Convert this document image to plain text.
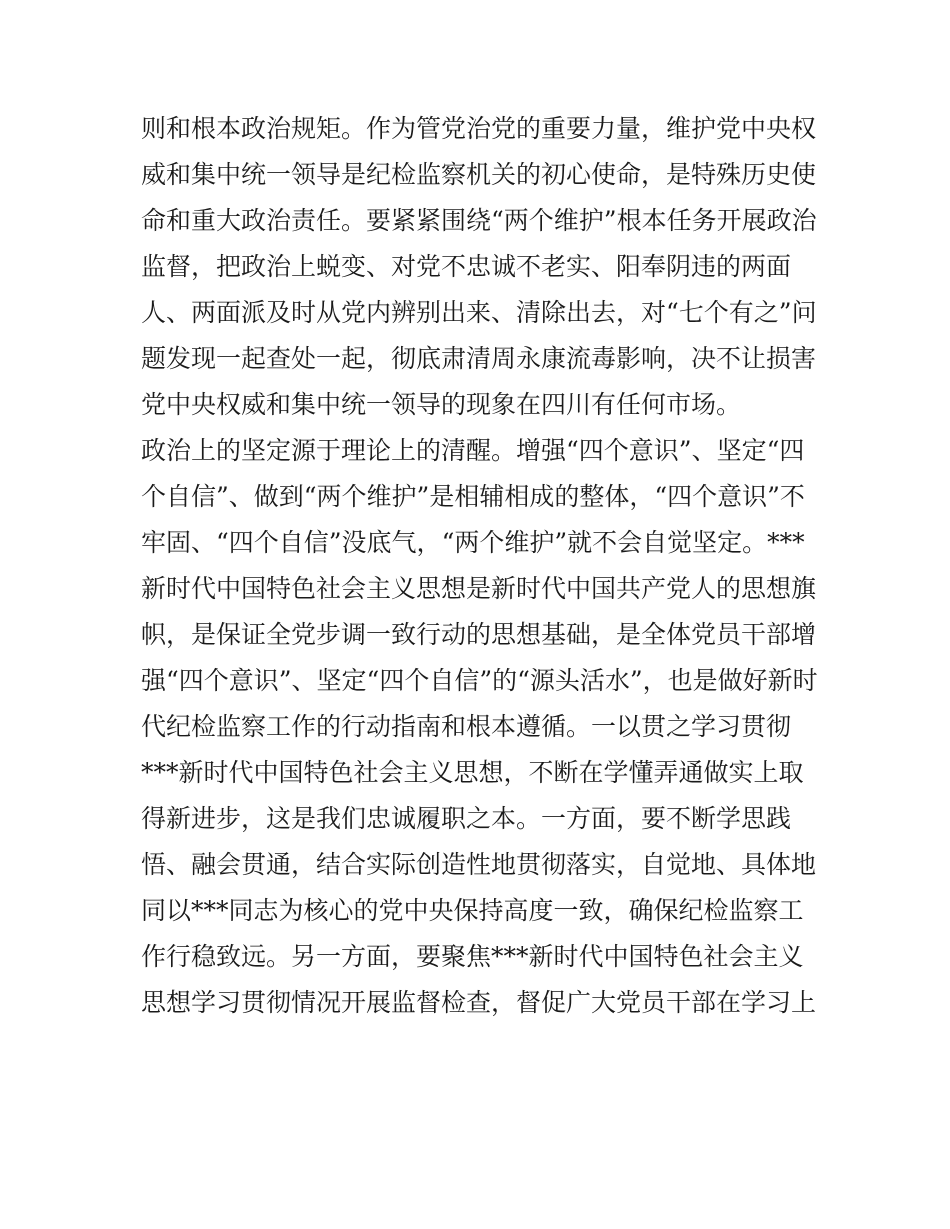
则和根本政治规矩。作为管党治党的重要力量，维护党中央权
威和集中统一领导是纪检监察机关的初心使命，是特殊历史使
命和重大政治责任。要紧紧围绕“两个维护”根本任务开展政治
监督，把政治上蜕变、对党不忠诚不老实、阳奉阴违的两面
人、两面派及时从党内辨别出来、清除出去，对“七个有之”问
题发现一起查处一起，彻底肃清周永康流毒影响，决不让损害
党中央权威和集中统一领导的现象在四川有任何市场。
政治上的坚定源于理论上的清醒。增强“四个意识”、坚定“四
个自信”、做到“两个维护”是相辅相成的整体，“四个意识”不
牢固、“四个自信”没底气，“两个维护”就不会自觉坚定。***
新时代中国特色社会主义思想是新时代中国共产党人的思想旗
帜，是保证全党步调一致行动的思想基础，是全体党员干部增
强“四个意识”、坚定“四个自信”的“源头活水”，也是做好新时
代纪检监察工作的行动指南和根本遵循。一以贯之学习贯彻
***新时代中国特色社会主义思想，不断在学懂弄通做实上取
得新进步，这是我们忠诚履职之本。一方面，要不断学思践
悟、融会贯通，结合实际创造性地贯彻落实，自觉地、具体地
同以***同志为核心的党中央保持高度一致，确保纪检监察工
作行稳致远。另一方面，要聚焦***新时代中国特色社会主义
思想学习贯彻情况开展监督检查，督促广大党员干部在学习上
